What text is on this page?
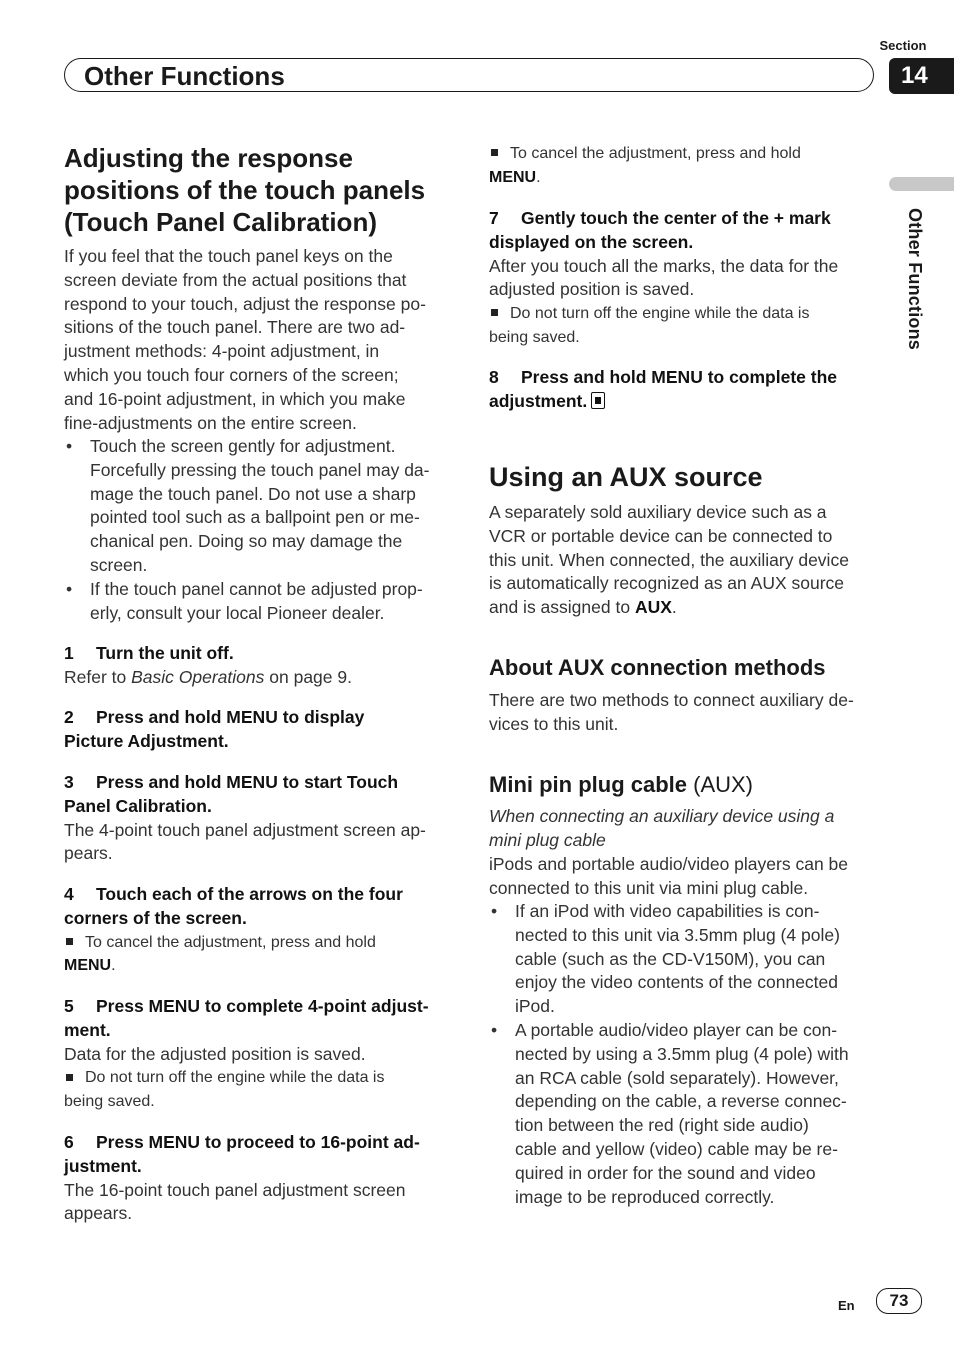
Section
Other Functions	14
Other Functions
Adjusting the response
positions of the touch panels
(Touch Panel Calibration)
If you feel that the touch panel keys on the
screen deviate from the actual positions that
respond to your touch, adjust the response po-
sitions of the touch panel. There are two ad-
justment methods: 4-point adjustment, in
which you touch four corners of the screen;
and 16-point adjustment, in which you make
fine-adjustments on the entire screen.
• Touch the screen gently for adjustment.
Forcefully pressing the touch panel may da-
mage the touch panel. Do not use a sharp
pointed tool such as a ballpoint pen or me-
chanical pen. Doing so may damage the
screen.
• If the touch panel cannot be adjusted prop-
erly, consult your local Pioneer dealer.
1 Turn the unit off.
Refer to Basic Operations on page 9.
2 Press and hold MENU to display
Picture Adjustment.
3 Press and hold MENU to start Touch
Panel Calibration.
The 4-point touch panel adjustment screen ap-
pears.
4 Touch each of the arrows on the four
corners of the screen.
To cancel the adjustment, press and hold
MENU.
5 Press MENU to complete 4-point adjust-
ment.
Data for the adjusted position is saved.
Do not turn off the engine while the data is
being saved.
6 Press MENU to proceed to 16-point ad-
justment.
The 16-point touch panel adjustment screen
appears.
To cancel the adjustment, press and hold
MENU.
7 Gently touch the center of the + mark
displayed on the screen.
After you touch all the marks, the data for the
adjusted position is saved.
Do not turn off the engine while the data is
being saved.
8 Press and hold MENU to complete the
adjustment.
Using an AUX source
A separately sold auxiliary device such as a
VCR or portable device can be connected to
this unit. When connected, the auxiliary device
is automatically recognized as an AUX source
and is assigned to AUX.
About AUX connection methods
There are two methods to connect auxiliary de-
vices to this unit.
Mini pin plug cable (AUX)
When connecting an auxiliary device using a
mini plug cable
iPods and portable audio/video players can be
connected to this unit via mini plug cable.
• If an iPod with video capabilities is con-
nected to this unit via 3.5mm plug (4 pole)
cable (such as the CD-V150M), you can
enjoy the video contents of the connected
iPod.
• A portable audio/video player can be con-
nected by using a 3.5mm plug (4 pole) with
an RCA cable (sold separately). However,
depending on the cable, a reverse connec-
tion between the red (right side audio)
cable and yellow (video) cable may be re-
quired in order for the sound and video
image to be reproduced correctly.
En	73
